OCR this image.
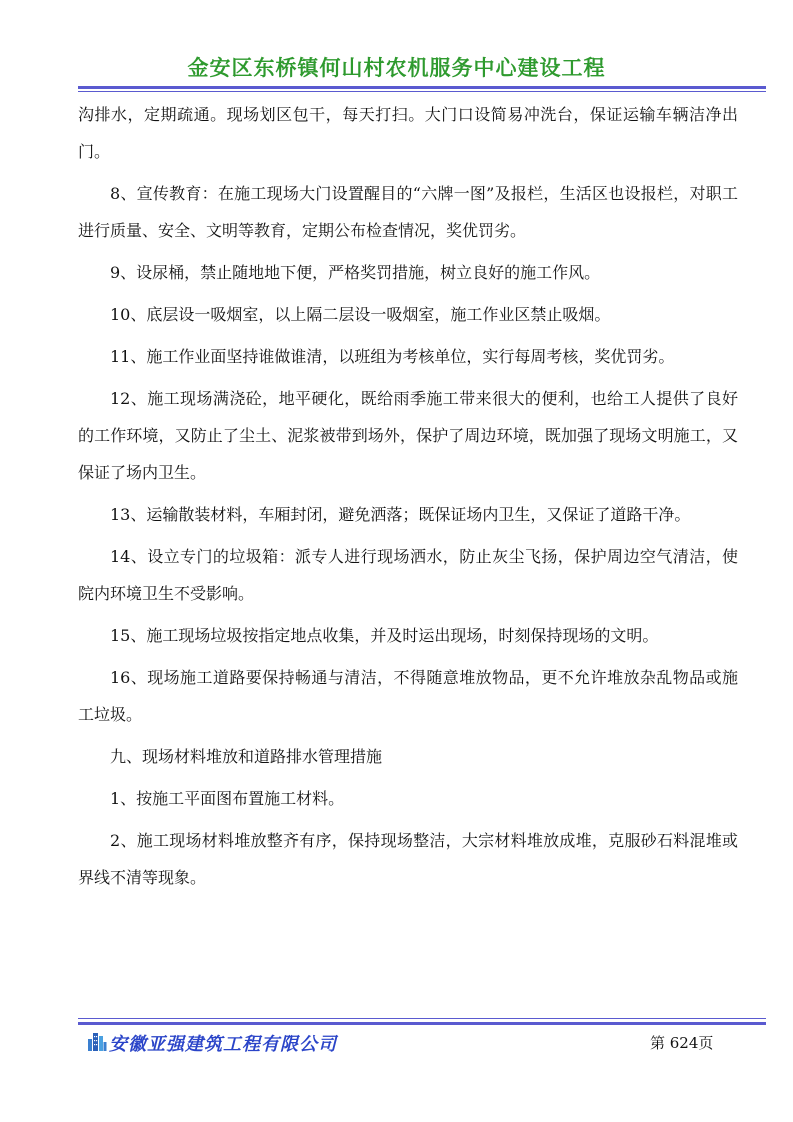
金安区东桥镇何山村农机服务中心建设工程

沟排水，定期疏通。现场划区包干，每天打扫。大门口设简易冲洗台，保证运输车辆洁净出门。

8、宣传教育：在施工现场大门设置醒目的“六牌一图”及报栏，生活区也设报栏，对职工进行质量、安全、文明等教育，定期公布检查情况，奖优罚劣。

9、设尿桶，禁止随地地下便，严格奖罚措施，树立良好的施工作风。

10、底层设一吸烟室，以上隔二层设一吸烟室，施工作业区禁止吸烟。

11、施工作业面坚持谁做谁清，以班组为考核单位，实行每周考核，奖优罚劣。

12、施工现场满浇砼，地平硬化，既给雨季施工带来很大的便利，也给工人提供了良好的工作环境，又防止了尘土、泥浆被带到场外，保护了周边环境，既加强了现场文明施工，又保证了场内卫生。

13、运输散装材料，车厢封闭，避免洒落；既保证场内卫生，又保证了道路干净。

14、设立专门的垃圾箱：派专人进行现场洒水，防止灰尘飞扬，保护周边空气清洁，使院内环境卫生不受影响。

15、施工现场垃圾按指定地点收集，并及时运出现场，时刻保持现场的文明。

16、现场施工道路要保持畅通与清洁，不得随意堆放物品，更不允许堆放杂乱物品或施工垃圾。

九、现场材料堆放和道路排水管理措施

1、按施工平面图布置施工材料。

2、施工现场材料堆放整齐有序，保持现场整洁，大宗材料堆放成堆，克服砂石料混堆或界线不清等现象。

安徽亚强建筑工程有限公司	第 624页
